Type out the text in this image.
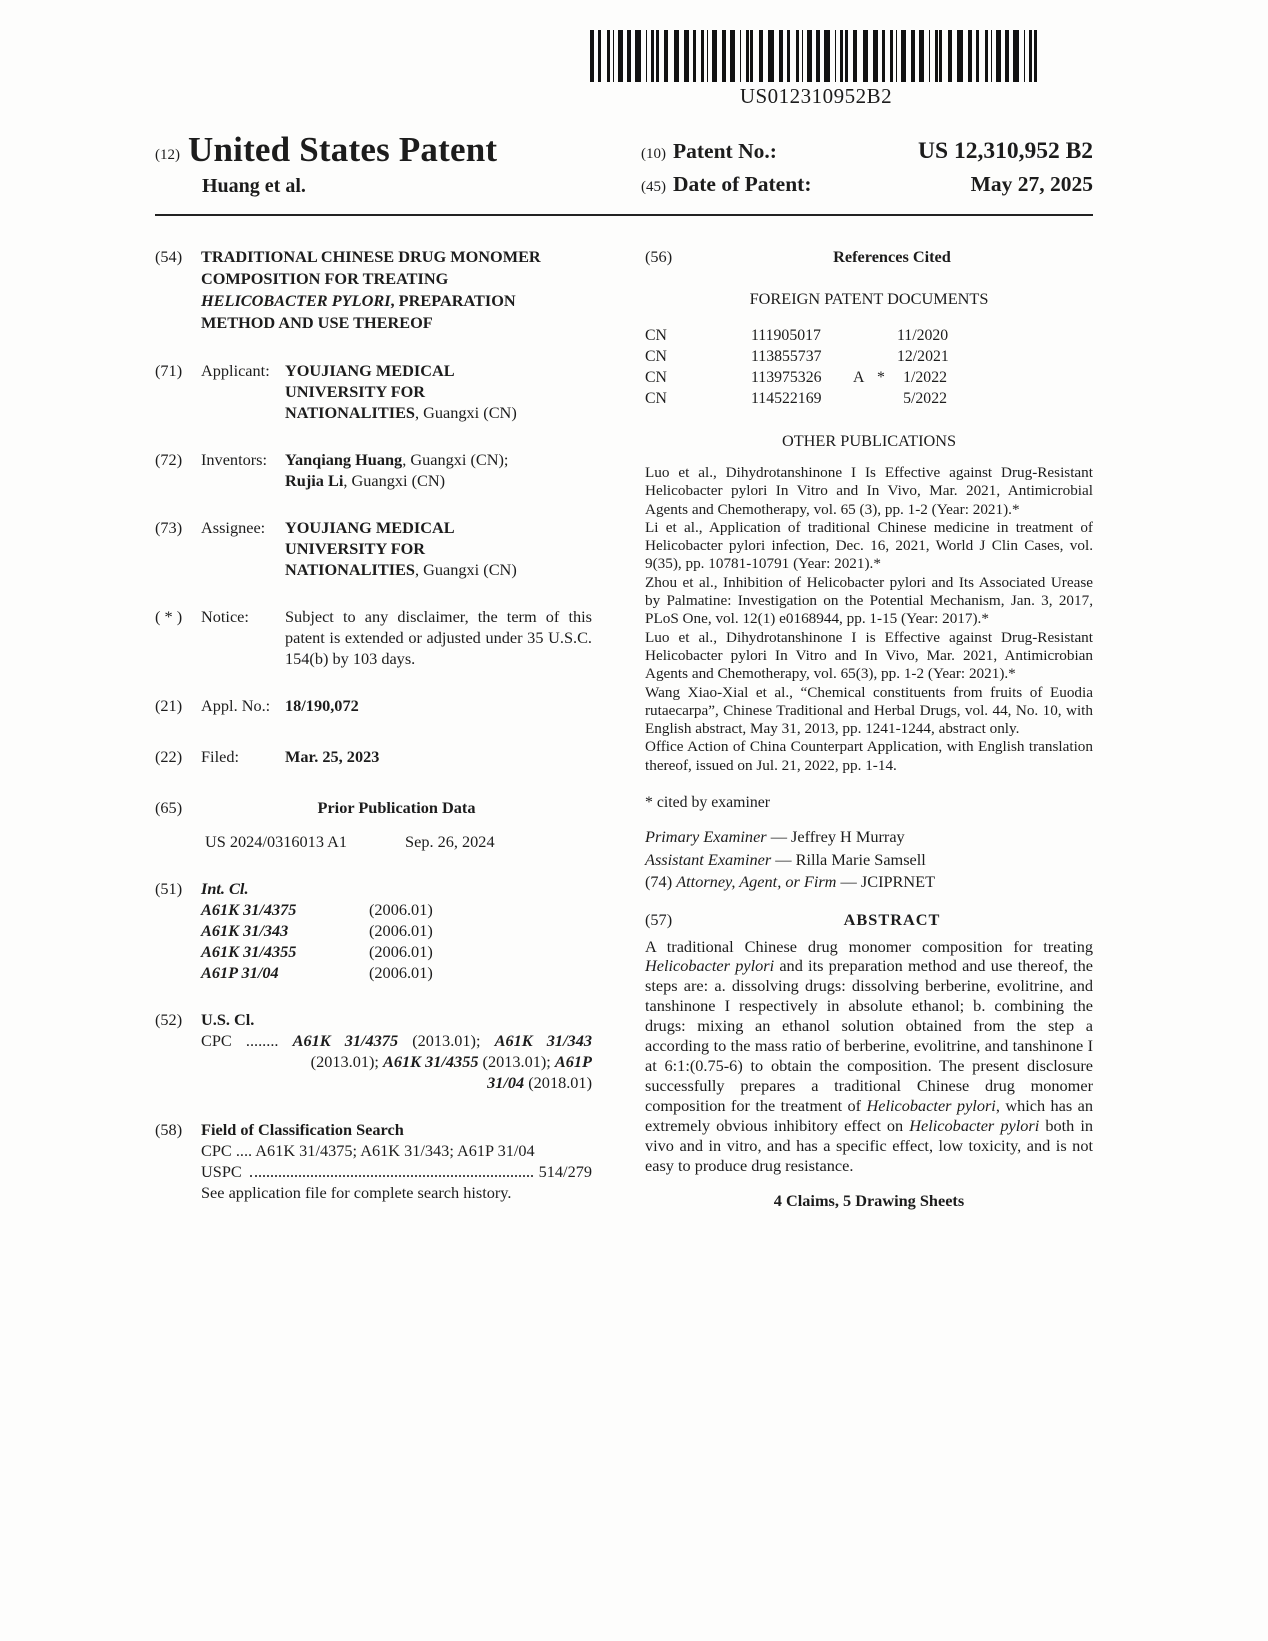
US012310952B2
(12) United States Patent
Huang et al.
(10) Patent No.:	US 12,310,952 B2
(45) Date of Patent:	May 27, 2025
(54)	TRADITIONAL CHINESE DRUG MONOMER
COMPOSITION FOR TREATING
HELICOBACTER PYLORI, PREPARATION
METHOD AND USE THEREOF
(71)	Applicant: YOUJIANG MEDICAL
UNIVERSITY FOR
NATIONALITIES, Guangxi (CN)
(72)	Inventors:	Yanqiang Huang, Guangxi (CN);
Rujia Li, Guangxi (CN)
(73)	Assignee:	YOUJIANG MEDICAL
UNIVERSITY FOR
NATIONALITIES, Guangxi (CN)
( * )	Notice:	Subject to any disclaimer, the term of this patent is extended or adjusted under 35 U.S.C. 154(b) by 103 days.
(21)	Appl. No.: 18/190,072
(22)	Filed:	Mar. 25, 2023
(65)	Prior Publication Data
US 2024/0316013 A1	Sep. 26, 2024
(51)	Int. Cl.
A61K 31/4375	(2006.01)
A61K 31/343	(2006.01)
A61K 31/4355	(2006.01)
A61P 31/04	(2006.01)
(52)	U.S. Cl.
CPC ........ A61K 31/4375 (2013.01); A61K 31/343
(2013.01); A61K 31/4355 (2013.01); A61P
31/04 (2018.01)
(58)	Field of Classification Search
CPC .... A61K 31/4375; A61K 31/343; A61P 31/04
USPC	514/279
See application file for complete search history.
(56)	References Cited
FOREIGN PATENT DOCUMENTS
CN	111905017	11/2020
CN	113855737	12/2021
CN	113975326	A *	1/2022
CN	114522169	5/2022
OTHER PUBLICATIONS
Luo et al., Dihydrotanshinone I Is Effective against Drug-Resistant Helicobacter pylori In Vitro and In Vivo, Mar. 2021, Antimicrobial Agents and Chemotherapy, vol. 65 (3), pp. 1-2 (Year: 2021).*
Li et al., Application of traditional Chinese medicine in treatment of Helicobacter pylori infection, Dec. 16, 2021, World J Clin Cases, vol. 9(35), pp. 10781-10791 (Year: 2021).*
Zhou et al., Inhibition of Helicobacter pylori and Its Associated Urease by Palmatine: Investigation on the Potential Mechanism, Jan. 3, 2017, PLoS One, vol. 12(1) e0168944, pp. 1-15 (Year: 2017).*
Luo et al., Dihydrotanshinone I is Effective against Drug-Resistant Helicobacter pylori In Vitro and In Vivo, Mar. 2021, Antimicrobian Agents and Chemotherapy, vol. 65(3), pp. 1-2 (Year: 2021).*
Wang Xiao-Xial et al., “Chemical constituents from fruits of Euodia rutaecarpa”, Chinese Traditional and Herbal Drugs, vol. 44, No. 10, with English abstract, May 31, 2013, pp. 1241-1244, abstract only.
Office Action of China Counterpart Application, with English translation thereof, issued on Jul. 21, 2022, pp. 1-14.
* cited by examiner
Primary Examiner — Jeffrey H Murray
Assistant Examiner — Rilla Marie Samsell
(74) Attorney, Agent, or Firm — JCIPRNET
(57)	ABSTRACT
A traditional Chinese drug monomer composition for treating Helicobacter pylori and its preparation method and use thereof, the steps are: a. dissolving drugs: dissolving berberine, evolitrine, and tanshinone I respectively in absolute ethanol; b. combining the drugs: mixing an ethanol solution obtained from the step a according to the mass ratio of berberine, evolitrine, and tanshinone I at 6:1:(0.75-6) to obtain the composition. The present disclosure successfully prepares a traditional Chinese drug monomer composition for the treatment of Helicobacter pylori, which has an extremely obvious inhibitory effect on Helicobacter pylori both in vivo and in vitro, and has a specific effect, low toxicity, and is not easy to produce drug resistance.
4 Claims, 5 Drawing Sheets
